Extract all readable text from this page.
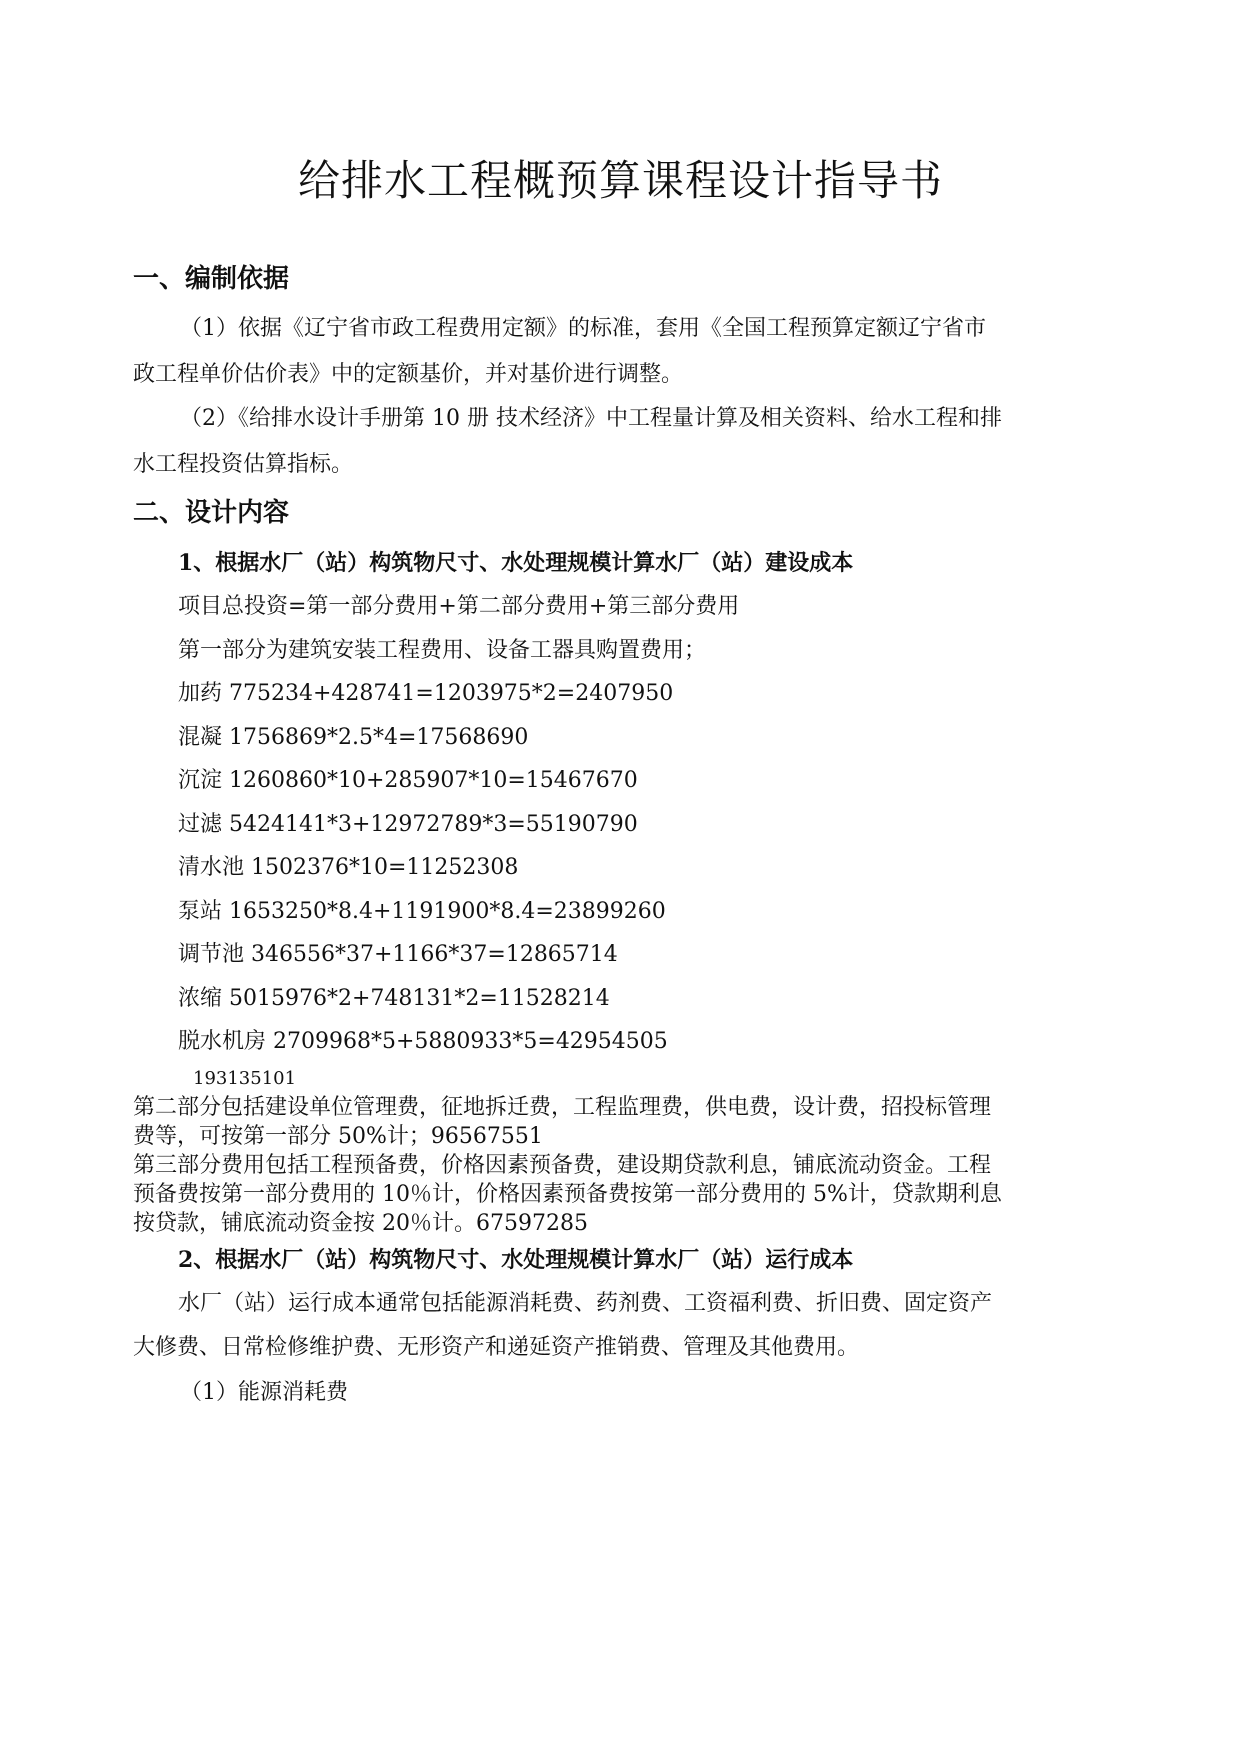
给排水工程概预算课程设计指导书
一、编制依据
（1）依据《辽宁省市政工程费用定额》的标准，套用《全国工程预算定额辽宁省市
政工程单价估价表》中的定额基价，并对基价进行调整。
（2）《给排水设计手册第 10 册 技术经济》中工程量计算及相关资料、给水工程和排
水工程投资估算指标。
二、设计内容
1、根据水厂（站）构筑物尺寸、水处理规模计算水厂（站）建设成本
项目总投资=第一部分费用+第二部分费用+第三部分费用
第一部分为建筑安装工程费用、设备工器具购置费用；
加药 775234+428741=1203975*2=2407950
混凝 1756869*2.5*4=17568690
沉淀 1260860*10+285907*10=15467670
过滤 5424141*3+12972789*3=55190790
清水池 1502376*10=11252308
泵站 1653250*8.4+1191900*8.4=23899260
调节池 346556*37+1166*37=12865714
浓缩 5015976*2+748131*2=11528214
脱水机房 2709968*5+5880933*5=42954505
193135101
第二部分包括建设单位管理费，征地拆迁费，工程监理费，供电费，设计费，招投标管理
费等，可按第一部分 50%计；96567551
第三部分费用包括工程预备费，价格因素预备费，建设期贷款利息，铺底流动资金。工程
预备费按第一部分费用的 10％计，价格因素预备费按第一部分费用的 5%计，贷款期利息
按贷款，铺底流动资金按 20％计。67597285
2、根据水厂（站）构筑物尺寸、水处理规模计算水厂（站）运行成本
水厂（站）运行成本通常包括能源消耗费、药剂费、工资福利费、折旧费、固定资产
大修费、日常检修维护费、无形资产和递延资产推销费、管理及其他费用。
（1）能源消耗费
